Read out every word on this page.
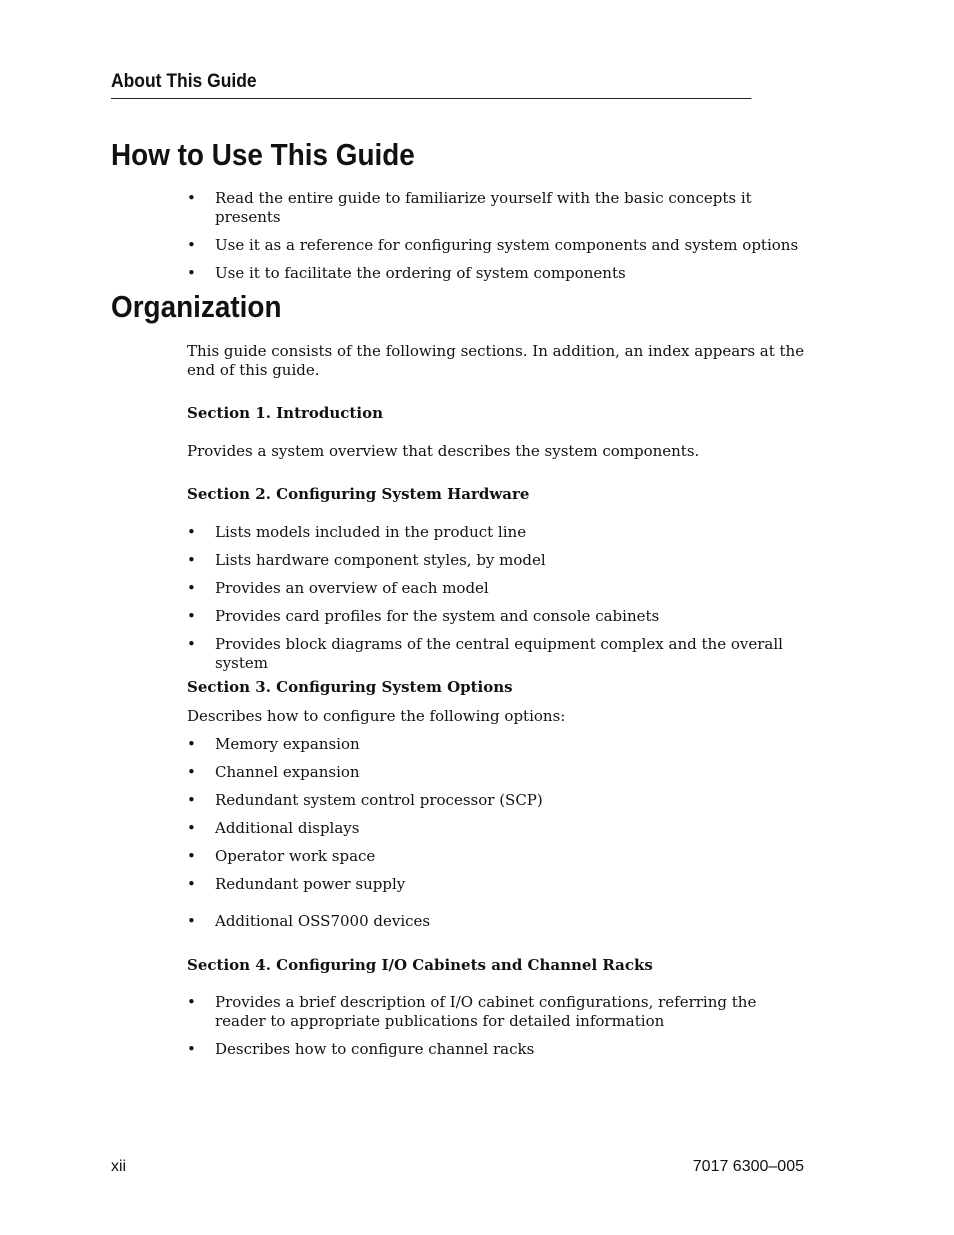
About This Guide
How to Use This Guide
• Read the entire guide to familiarize yourself with the basic concepts it presents
• Use it as a reference for configuring system components and system options
• Use it to facilitate the ordering of system components
Organization

This guide consists of the following sections. In addition, an index appears at the end of this guide.

Section 1. Introduction
Provides a system overview that describes the system components.
Section 2. Configuring System Hardware
• Lists models included in the product line
• Lists hardware component styles, by model
• Provides an overview of each model
• Provides card profiles for the system and console cabinets
• Provides block diagrams of the central equipment complex and the overall system
Section 3. Configuring System Options
Describes how to configure the following options:
• Memory expansion
• Channel expansion
• Redundant system control processor (SCP)
• Additional displays
• Operator work space
• Redundant power supply
• Additional OSS7000 devices
Section 4. Configuring I/O Cabinets and Channel Racks
• Provides a brief description of I/O cabinet configurations, referring the reader to appropriate publications for detailed information
• Describes how to configure channel racks
xii	7017 6300–005
